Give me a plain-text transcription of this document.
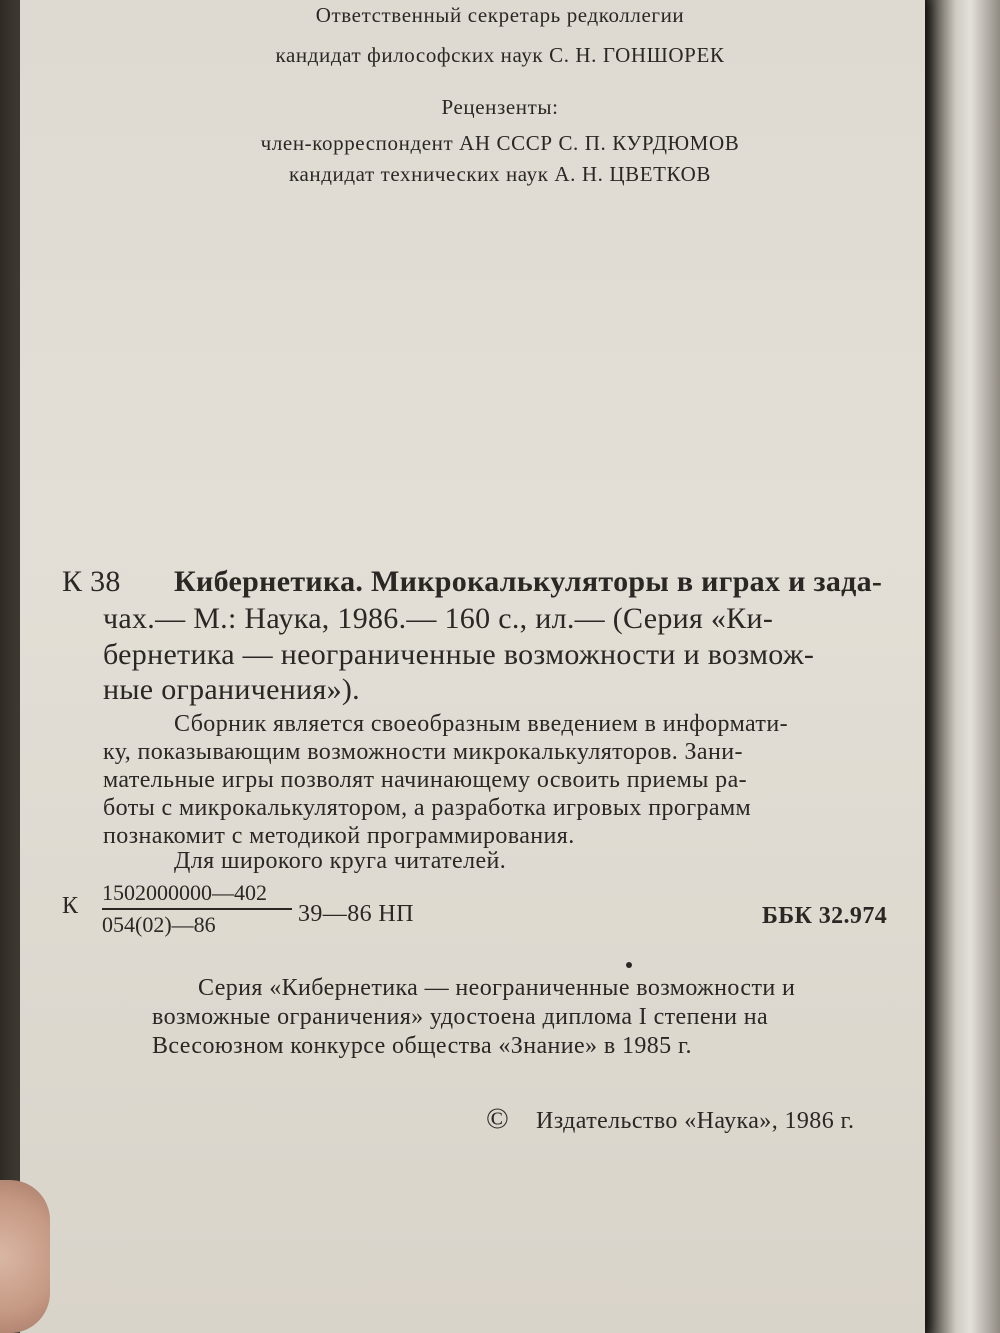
Ответственный секретарь редколлегии

кандидат философских наук С. Н. ГОНШОРЕК

Рецензенты:

член-корреспондент АН СССР С. П. КУРДЮМОВ

кандидат технических наук А. Н. ЦВЕТКОВ

К 38 Кибернетика. Микрокалькуляторы в играх и зада-

чах.— М.: Наука, 1986.— 160 с., ил.— (Серия «Ки-

бернетика — неограниченные возможности и возмож-

ные ограничения»).

Сборник является своеобразным введением в информати-

ку, показывающим возможности микрокалькуляторов. Зани-

мательные игры позволят начинающему освоить приемы ра-

боты с микрокалькулятором, а разработка игровых программ

познакомит с методикой программирования.

Для широкого круга читателей.

К $\frac{1502000000—402}{054(02)—86}$ 39—86 НП	ББК 32.974

Серия «Кибернетика — неограниченные возможности и

возможные ограничения» удостоена диплома I степени на

Всесоюзном конкурсе общества «Знание» в 1985 г.

© Издательство «Наука», 1986 г.
